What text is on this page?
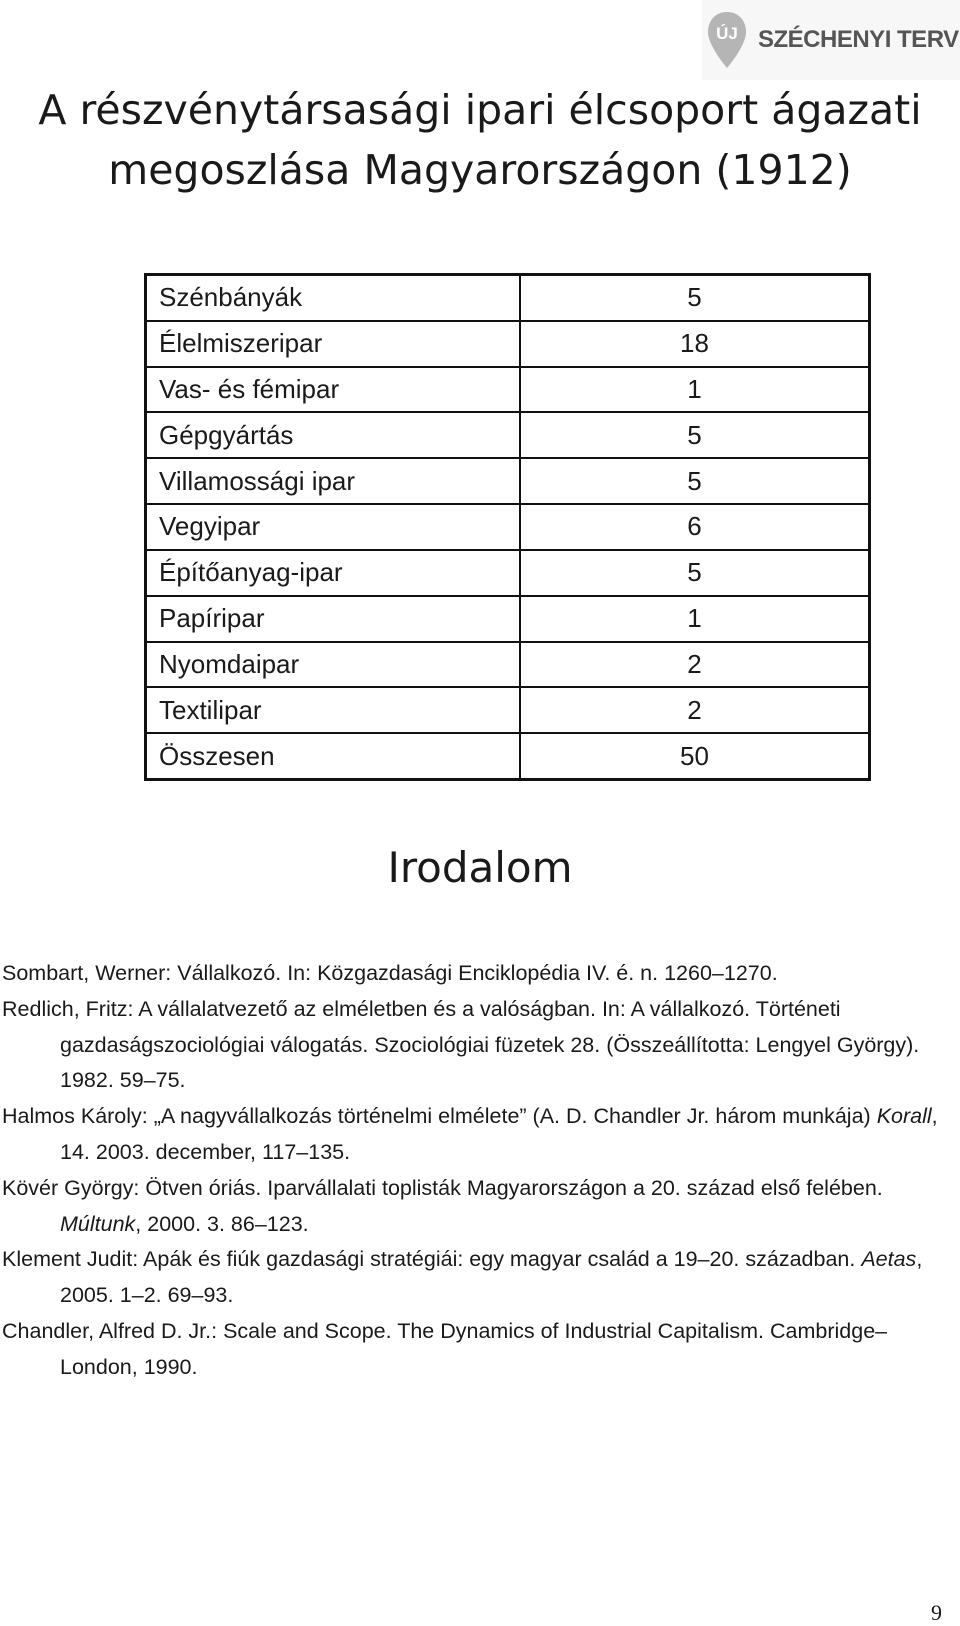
ÚJ SZÉCHENYI TERV
A részvénytársasági ipari élcsoport ágazati
megoszlása Magyarországon (1912)
Szénbányák	5
Élelmiszeripar	18
Vas- és fémipar	1
Gépgyártás	5
Villamossági ipar	5
Vegyipar	6
Építőanyag-ipar	5
Papíripar	1
Nyomdaipar	2
Textilipar	2
Összesen	50
Irodalom

Sombart, Werner: Vállalkozó. In: Közgazdasági Enciklopédia IV. é. n. 1260–1270.

Redlich, Fritz: A vállalatvezető az elméletben és a valóságban. In: A vállalkozó. Történeti gazdaságszociológiai válogatás. Szociológiai füzetek 28. (Összeállította: Lengyel György). 1982. 59–75.

Halmos Károly: „A nagyvállalkozás történelmi elmélete” (A. D. Chandler Jr. három munkája) Korall, 14. 2003. december, 117–135.

Kövér György: Ötven óriás. Iparvállalati toplisták Magyarországon a 20. század első felében. Múltunk, 2000. 3. 86–123.

Klement Judit: Apák és fiúk gazdasági stratégiái: egy magyar család a 19–20. században. Aetas, 2005. 1–2. 69–93.

Chandler, Alfred D. Jr.: Scale and Scope. The Dynamics of Industrial Capitalism. Cambridge–London, 1990.

9
